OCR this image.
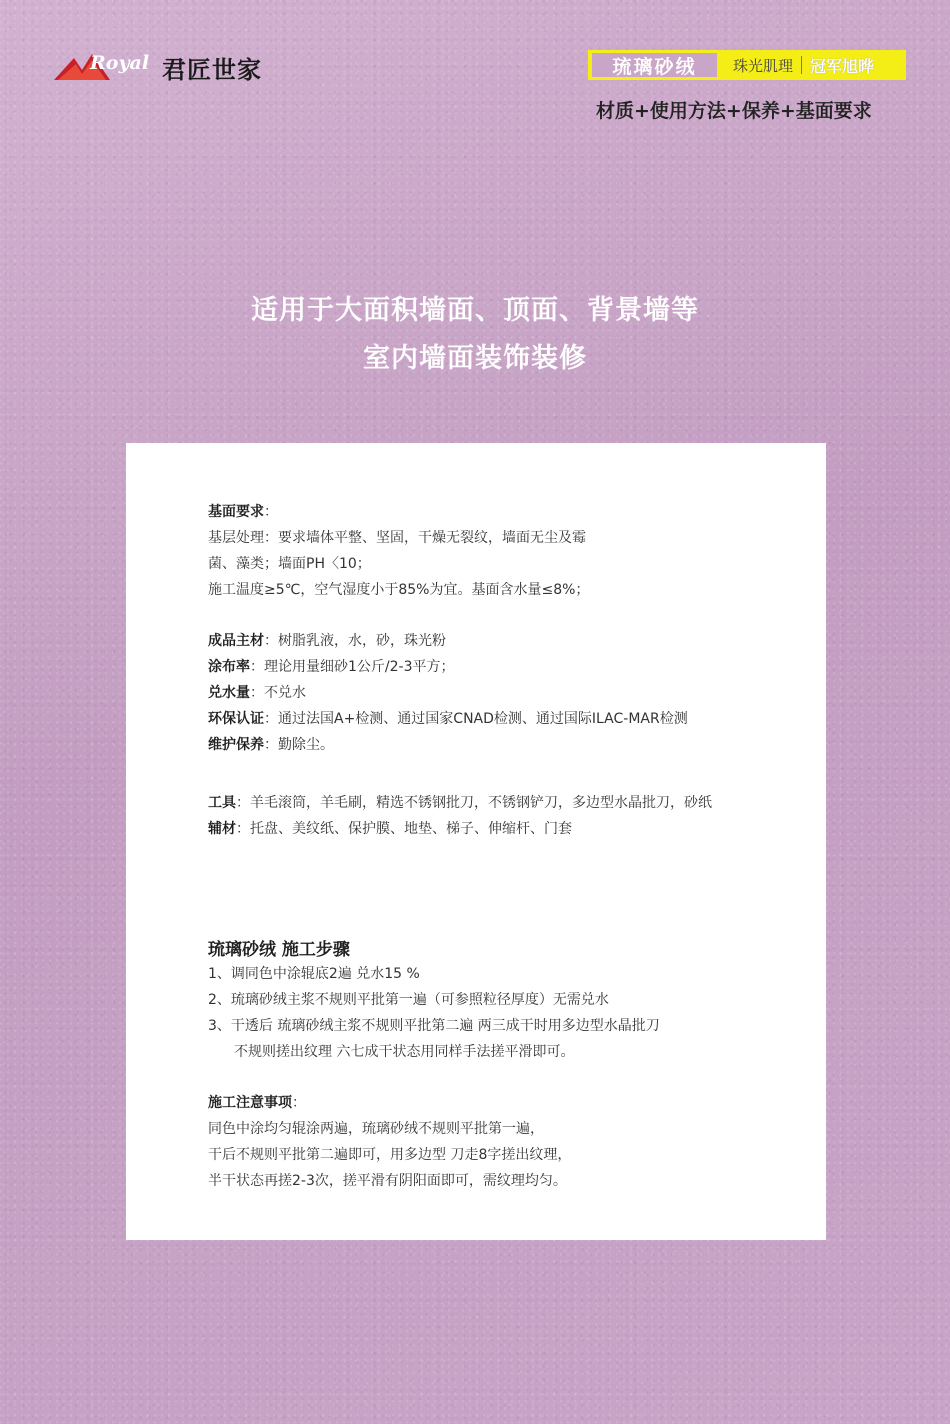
Royal 君匠世家	琉璃砂绒	珠光肌理 冠军旭晔
材质+使用方法+保养+基面要求
适用于大面积墙面、顶面、背景墙等
室内墙面装饰装修
基面要求：
基层处理：要求墙体平整、坚固，干燥无裂纹，墙面无尘及霉
菌、藻类；墙面PH〈10；
施工温度≥5℃，空气湿度小于85%为宜。基面含水量≤8%；
成品主材：树脂乳液，水，砂，珠光粉
涂布率：理论用量细砂1公斤/2-3平方；
兑水量：不兑水
环保认证：通过法国A+检测、通过国家CNAD检测、通过国际ILAC-MAR检测
维护保养：勤除尘。
工具：羊毛滚筒，羊毛刷，精选不锈钢批刀，不锈钢铲刀，多边型水晶批刀，砂纸
辅材：托盘、美纹纸、保护膜、地垫、梯子、伸缩杆、门套
琉璃砂绒 施工步骤
1、调同色中涂辊底2遍 兑水15 %
2、琉璃砂绒主浆不规则平批第一遍（可参照粒径厚度）无需兑水
3、干透后 琉璃砂绒主浆不规则平批第二遍 两三成干时用多边型水晶批刀
不规则搓出纹理 六七成干状态用同样手法搓平滑即可。
施工注意事项：
同色中涂均匀辊涂两遍，琉璃砂绒不规则平批第一遍，
干后不规则平批第二遍即可，用多边型 刀走8字搓出纹理，
半干状态再搓2-3次，搓平滑有阴阳面即可，需纹理均匀。
